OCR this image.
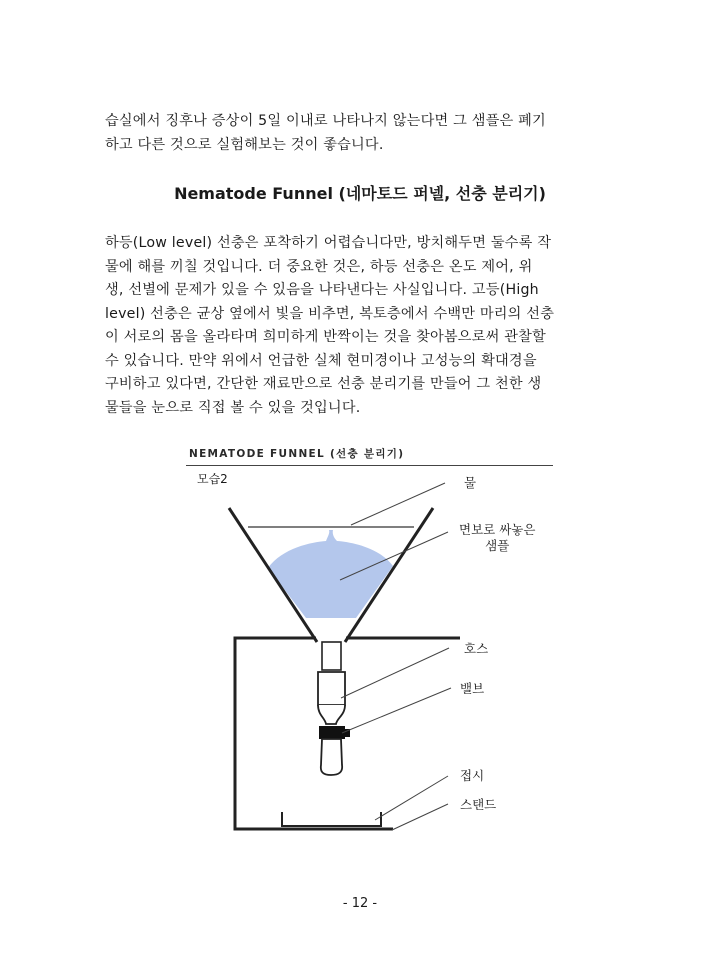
습실에서 징후나 증상이 5일 이내로 나타나지 않는다면 그 샘플은 폐기
하고 다른 것으로 실험해보는 것이 좋습니다.
Nematode Funnel (네마토드 퍼넬, 선충 분리기)
하등(Low level) 선충은 포착하기 어렵습니다만, 방치해두면 둘수록 작
물에 해를 끼칠 것입니다. 더 중요한 것은, 하등 선충은 온도 제어, 위
생, 선별에 문제가 있을 수 있음을 나타낸다는 사실입니다. 고등(High
level) 선충은 균상 옆에서 빛을 비추면, 복토층에서 수백만 마리의 선충
이 서로의 몸을 올라타며 희미하게 반짝이는 것을 찾아봄으로써 관찰할
수 있습니다. 만약 위에서 언급한 실체 현미경이나 고성능의 확대경을
구비하고 있다면, 간단한 재료만으로 선충 분리기를 만들어 그 천한 생
물들을 눈으로 직접 볼 수 있을 것입니다.
NEMATODE FUNNEL (선충 분리기)
모습2	물
면보로 싸놓은
샘플
호스
밸브
접시
스탠드
- 12 -
